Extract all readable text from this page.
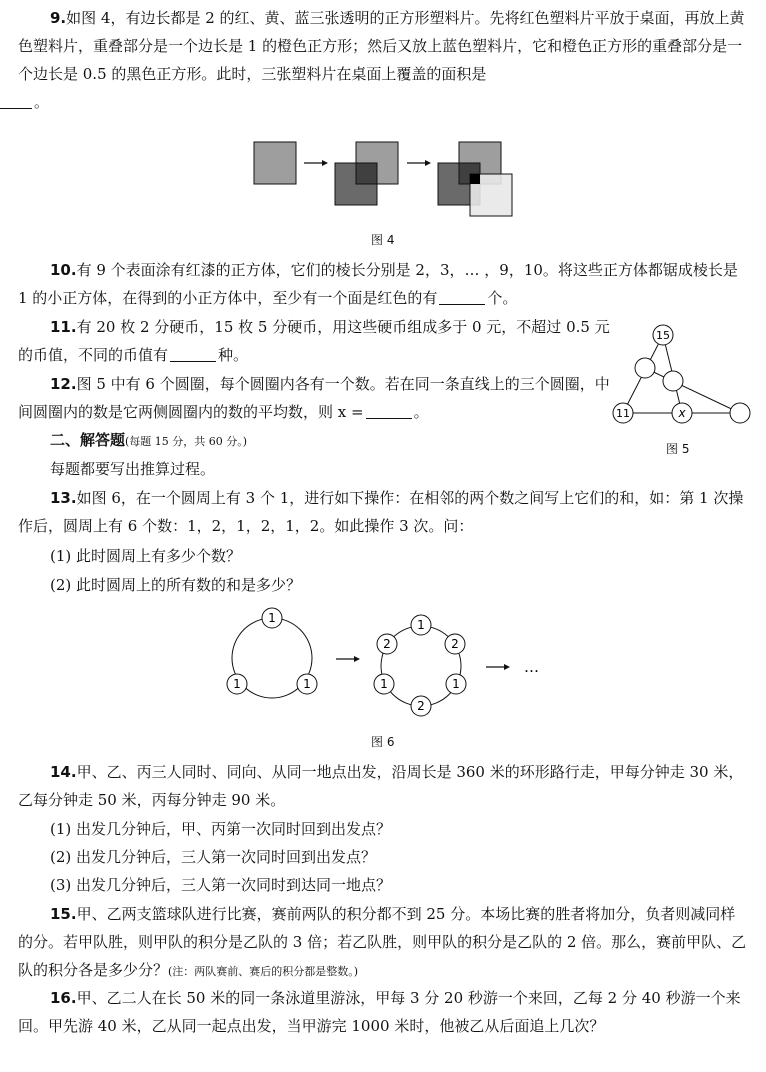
9.如图 4，有边长都是 2 的红、黄、蓝三张透明的正方形塑料片。先将红色塑料片平放于桌面，再放上黄色塑料片，重叠部分是一个边长是 1 的橙色正方形；然后又放上蓝色塑料片，它和橙色正方形的重叠部分是一个边长是 0.5 的黑色正方形。此时，三张塑料片在桌面上覆盖的面积是
。

图 4

10.有 9 个表面涂有红漆的正方体，它们的棱长分别是 2，3，… ，9，10。将这些正方体都锯成棱长是 1 的小正方体，在得到的小正方体中，至少有一个面是红色的有	个。

11.有 20 枚 2 分硬币，15 枚 5 分硬币，用这些硬币组成多于 0 元，不超过 0.5 元的币值，不同的币值有	种。

12.图 5 中有 6 个圆圈，每个圆圈内各有一个数。若在同一条直线上的三个圆圈，中间圆圈内的数是它两侧圆圈内的数的平均数，则 x =	。

15
11	x
图 5

二、解答题(每题 15 分，共 60 分。)

每题都要写出推算过程。

13.如图 6，在一个圆周上有 3 个 1，进行如下操作：在相邻的两个数之间写上它们的和，如：第 1 次操作后，圆周上有 6 个数：1，2，1，2，1，2。如此操作 3 次。问：

(1) 此时圆周上有多少个数？

(2) 此时圆周上的所有数的和是多少？

1
1	1
1
2	2
1	1
2
…
图 6

14.甲、乙、丙三人同时、同向、从同一地点出发，沿周长是 360 米的环形路行走，甲每分钟走 30 米，乙每分钟走 50 米，丙每分钟走 90 米。

(1) 出发几分钟后，甲、丙第一次同时回到出发点？

(2) 出发几分钟后，三人第一次同时回到出发点？

(3) 出发几分钟后，三人第一次同时到达同一地点？

15.甲、乙两支篮球队进行比赛，赛前两队的积分都不到 25 分。本场比赛的胜者将加分，负者则减同样的分。若甲队胜，则甲队的积分是乙队的 3 倍；若乙队胜，则甲队的积分是乙队的 2 倍。那么，赛前甲队、乙队的积分各是多少分？(注：两队赛前、赛后的积分都是整数。)

16.甲、乙二人在长 50 米的同一条泳道里游泳，甲每 3 分 20 秒游一个来回，乙每 2 分 40 秒游一个来回。甲先游 40 米，乙从同一起点出发，当甲游完 1000 米时，他被乙从后面追上几次？
